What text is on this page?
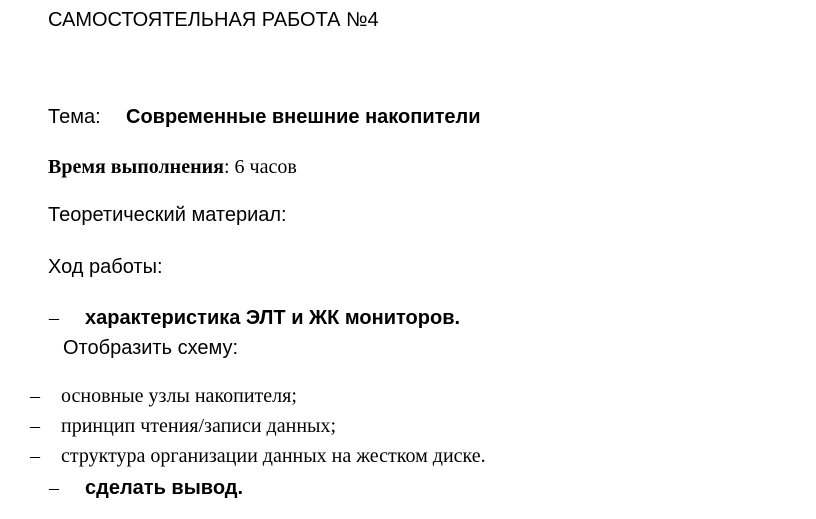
САМОСТОЯТЕЛЬНАЯ РАБОТА №4
Тема: Современные внешние накопители
Время выполнения: 6 часов
Теоретический материал:
Ход работы:
– характеристика ЭЛТ и ЖК мониторов.
Отобразить схему:
– основные узлы накопителя;
– принцип чтения/записи данных;
– структура организации данных на жестком диске.
– сделать вывод.
